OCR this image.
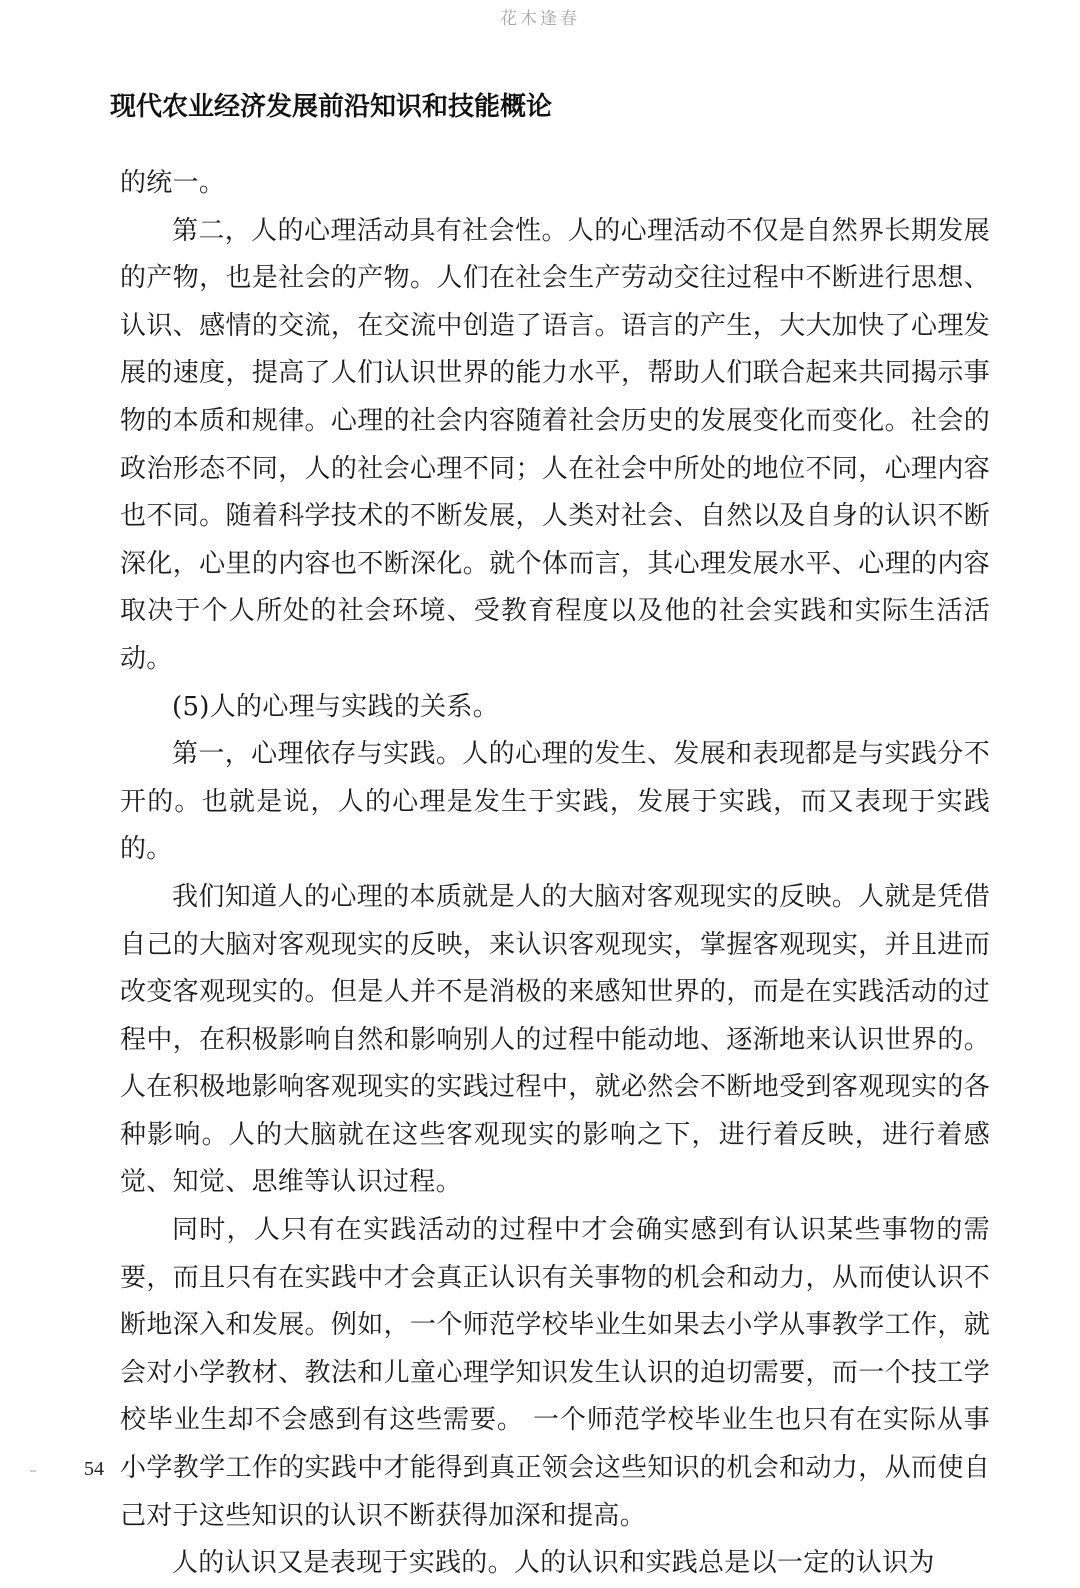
花木逢春
现代农业经济发展前沿知识和技能概论

的统一。

第二，人的心理活动具有社会性。人的心理活动不仅是自然界长期发展的产物，也是社会的产物。人们在社会生产劳动交往过程中不断进行思想、认识、感情的交流，在交流中创造了语言。语言的产生，大大加快了心理发展的速度，提高了人们认识世界的能力水平，帮助人们联合起来共同揭示事物的本质和规律。心理的社会内容随着社会历史的发展变化而变化。社会的政治形态不同，人的社会心理不同；人在社会中所处的地位不同，心理内容也不同。随着科学技术的不断发展，人类对社会、自然以及自身的认识不断深化，心里的内容也不断深化。就个体而言，其心理发展水平、心理的内容取决于个人所处的社会环境、受教育程度以及他的社会实践和实际生活活动。

(5)人的心理与实践的关系。

第一，心理依存与实践。人的心理的发生、发展和表现都是与实践分不开的。也就是说，人的心理是发生于实践，发展于实践，而又表现于实践的。

我们知道人的心理的本质就是人的大脑对客观现实的反映。人就是凭借自己的大脑对客观现实的反映，来认识客观现实，掌握客观现实，并且进而改变客观现实的。但是人并不是消极的来感知世界的，而是在实践活动的过程中，在积极影响自然和影响别人的过程中能动地、逐渐地来认识世界的。人在积极地影响客观现实的实践过程中，就必然会不断地受到客观现实的各种影响。人的大脑就在这些客观现实的影响之下，进行着反映，进行着感觉、知觉、思维等认识过程。

同时，人只有在实践活动的过程中才会确实感到有认识某些事物的需要，而且只有在实践中才会真正认识有关事物的机会和动力，从而使认识不断地深入和发展。例如，一个师范学校毕业生如果去小学从事教学工作，就会对小学教材、教法和儿童心理学知识发生认识的迫切需要，而一个技工学校毕业生却不会感到有这些需要。 一个师范学校毕业生也只有在实际从事小学教学工作的实践中才能得到真正领会这些知识的机会和动力，从而使自己对于这些知识的认识不断获得加深和提高。

人的认识又是表现于实践的。人的认识和实践总是以一定的认识为

54
